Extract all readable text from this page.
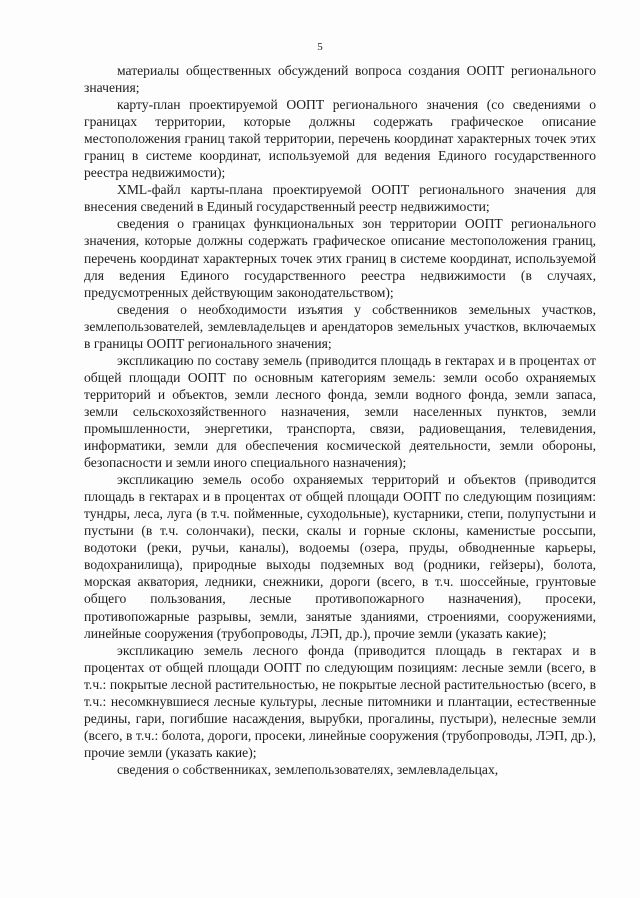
5

материалы общественных обсуждений вопроса создания ООПТ регионального значения;

карту-план проектируемой ООПТ регионального значения (со сведениями о границах территории, которые должны содержать графическое описание местоположения границ такой территории, перечень координат характерных точек этих границ в системе координат, используемой для ведения Единого государственного реестра недвижимости);

XML-файл карты-плана проектируемой ООПТ регионального значения для внесения сведений в Единый государственный реестр недвижимости;

сведения о границах функциональных зон территории ООПТ регионального значения, которые должны содержать графическое описание местоположения границ, перечень координат характерных точек этих границ в системе координат, используемой для ведения Единого государственного реестра недвижимости (в случаях, предусмотренных действующим законодательством);

сведения о необходимости изъятия у собственников земельных участков, землепользователей, землевладельцев и арендаторов земельных участков, включаемых в границы ООПТ регионального значения;

экспликацию по составу земель (приводится площадь в гектарах и в процентах от общей площади ООПТ по основным категориям земель: земли особо охраняемых территорий и объектов, земли лесного фонда, земли водного фонда, земли запаса, земли сельскохозяйственного назначения, земли населенных пунктов, земли промышленности, энергетики, транспорта, связи, радиовещания, телевидения, информатики, земли для обеспечения космической деятельности, земли обороны, безопасности и земли иного специального назначения);

экспликацию земель особо охраняемых территорий и объектов (приводится площадь в гектарах и в процентах от общей площади ООПТ по следующим позициям: тундры, леса, луга (в т.ч. пойменные, суходольные), кустарники, степи, полупустыни и пустыни (в т.ч. солончаки), пески, скалы и горные склоны, каменистые россыпи, водотоки (реки, ручьи, каналы), водоемы (озера, пруды, обводненные карьеры, водохранилища), природные выходы подземных вод (родники, гейзеры), болота, морская акватория, ледники, снежники, дороги (всего, в т.ч. шоссейные, грунтовые общего пользования, лесные противопожарного назначения), просеки, противопожарные разрывы, земли, занятые зданиями, строениями, сооружениями, линейные сооружения (трубопроводы, ЛЭП, др.), прочие земли (указать какие);

экспликацию земель лесного фонда (приводится площадь в гектарах и в процентах от общей площади ООПТ по следующим позициям: лесные земли (всего, в т.ч.: покрытые лесной растительностью, не покрытые лесной растительностью (всего, в т.ч.: несомкнувшиеся лесные культуры, лесные питомники и плантации, естественные редины, гари, погибшие насаждения, вырубки, прогалины, пустыри), нелесные земли (всего, в т.ч.: болота, дороги, просеки, линейные сооружения (трубопроводы, ЛЭП, др.), прочие земли (указать какие);

сведения о собственниках, землепользователях, землевладельцах,
